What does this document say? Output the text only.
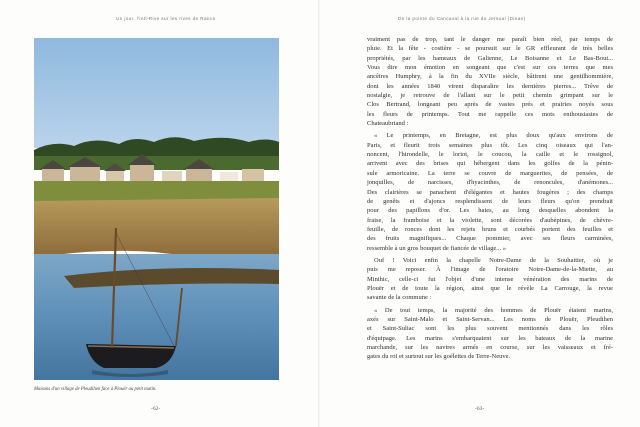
Un jour, l'intl-Rive sur les rives de Rance
Maisons d'un village de Pleudihen face à Plouër au petit matin.
-62-
De la pointe du Cancaval à la rue du Jersual (Dinan)
-63-
vraiment pas de trop, tant le danger me paraît bien réel, par temps de
pluie. Et la fête - costière - se poursuit sur le GR effleurant de très belles
propriétés, par les hameaux de Galienne, Le Boisanne et Le Bas-Bout...
Vous dire mon émotion en songeant que c'est sur ces terres que mes
ancêtres Humphry, à la fin du XVIIe siècle, bâtirent une gentilhommière,
dont les années 1840 virent disparaître les dernières pierres... Trêve de
nostalgie, je retrouve de l'allant sur le petit chemin grimpant sur le
Clos Bertrand, longeant peu après de vastes prés et prairies noyés sous
les fleurs de printemps. Tout me rappelle ces mots enthousiastes de
Chateaubriand :
« Le printemps, en Bretagne, est plus doux qu'aux environs de
Paris, et fleurit trois semaines plus tôt. Les cinq oiseaux qui l'an-
noncent, l'hirondelle, le loriot, le coucou, la caille et le rossignol,
arrivent avec des brises qui hébergent dans les golfes de la pénin-
sule armoricaine. La terre se couvre de marguerites, de pensées, de
jonquilles, de narcisses, d'hyacinthes, de renoncules, d'anémones...
Des clairières se panachent d'élégantes et hautes fougères ; des champs
de genêts et d'ajoncs resplendissent de leurs fleurs qu'on prendrait
pour des papillons d'or. Les haies, au long desquelles abondent la
fraise, la framboise et la violette, sont décorées d'aubépines, de chèvre-
feuille, de ronces dont les rejets bruns et courbés portent des feuilles et
des fruits magnifiques... Chaque pommier, avec ses fleurs carminées,
ressemble à un gros bouquet de fiancée de village... »
Ouf ! Voici enfin la chapelle Notre-Dame de la Souhaitier, où je
puis me reposer. À l'image de l'oratoire Notre-Dame-de-la-Miette, au
Minihic, celle-ci fut l'objet d'une intense vénération des marins de
Plouër et de toute la région, ainsi que le révèle La Carrouge, la revue
savante de la commune :
« De tout temps, la majorité des hommes de Plouër étaient marins,
axés sur Saint-Malo et Saint-Servan... Les noms de Plouër, Pleudihen
et Saint-Suliac sont les plus souvent mentionnés dans les rôles
d'équipage. Les marins s'embarquaient sur les bateaux de la marine
marchande, sur les navires armés en course, sur les vaisseaux et fré-
gates du roi et surtout sur les goélettes de Terre-Neuve.
